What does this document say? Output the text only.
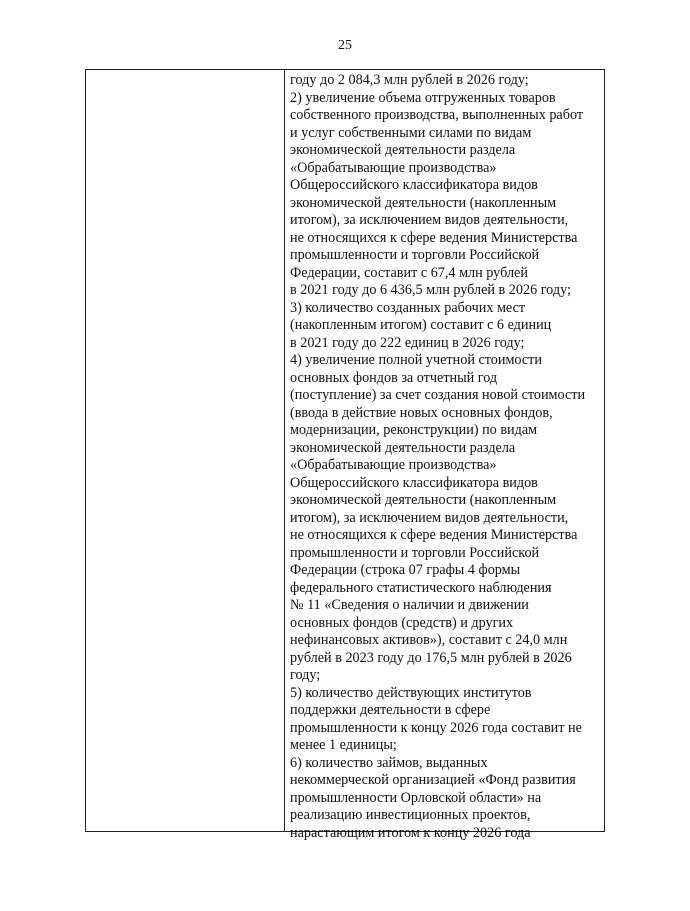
25
году до 2 084,3 млн рублей в 2026 году;
2) увеличение объема отгруженных товаров
собственного производства, выполненных работ
и услуг собственными силами по видам
экономической деятельности раздела
«Обрабатывающие производства»
Общероссийского классификатора видов
экономической деятельности (накопленным
итогом), за исключением видов деятельности,
не относящихся к сфере ведения Министерства
промышленности и торговли Российской
Федерации, составит с 67,4 млн рублей
в 2021 году до 6 436,5 млн рублей в 2026 году;
3) количество созданных рабочих мест
(накопленным итогом) составит с 6 единиц
в 2021 году до 222 единиц в 2026 году;
4) увеличение полной учетной стоимости
основных фондов за отчетный год
(поступление) за счет создания новой стоимости
(ввода в действие новых основных фондов,
модернизации, реконструкции) по видам
экономической деятельности раздела
«Обрабатывающие производства»
Общероссийского классификатора видов
экономической деятельности (накопленным
итогом), за исключением видов деятельности,
не относящихся к сфере ведения Министерства
промышленности и торговли Российской
Федерации (строка 07 графы 4 формы
федерального статистического наблюдения
№ 11 «Сведения о наличии и движении
основных фондов (средств) и других
нефинансовых активов»), составит с 24,0 млн
рублей в 2023 году до 176,5 млн рублей в 2026
году;
5) количество действующих институтов
поддержки деятельности в сфере
промышленности к концу 2026 года составит не
менее 1 единицы;
6) количество займов, выданных
некоммерческой организацией «Фонд развития
промышленности Орловской области» на
реализацию инвестиционных проектов,
нарастающим итогом к концу 2026 года
